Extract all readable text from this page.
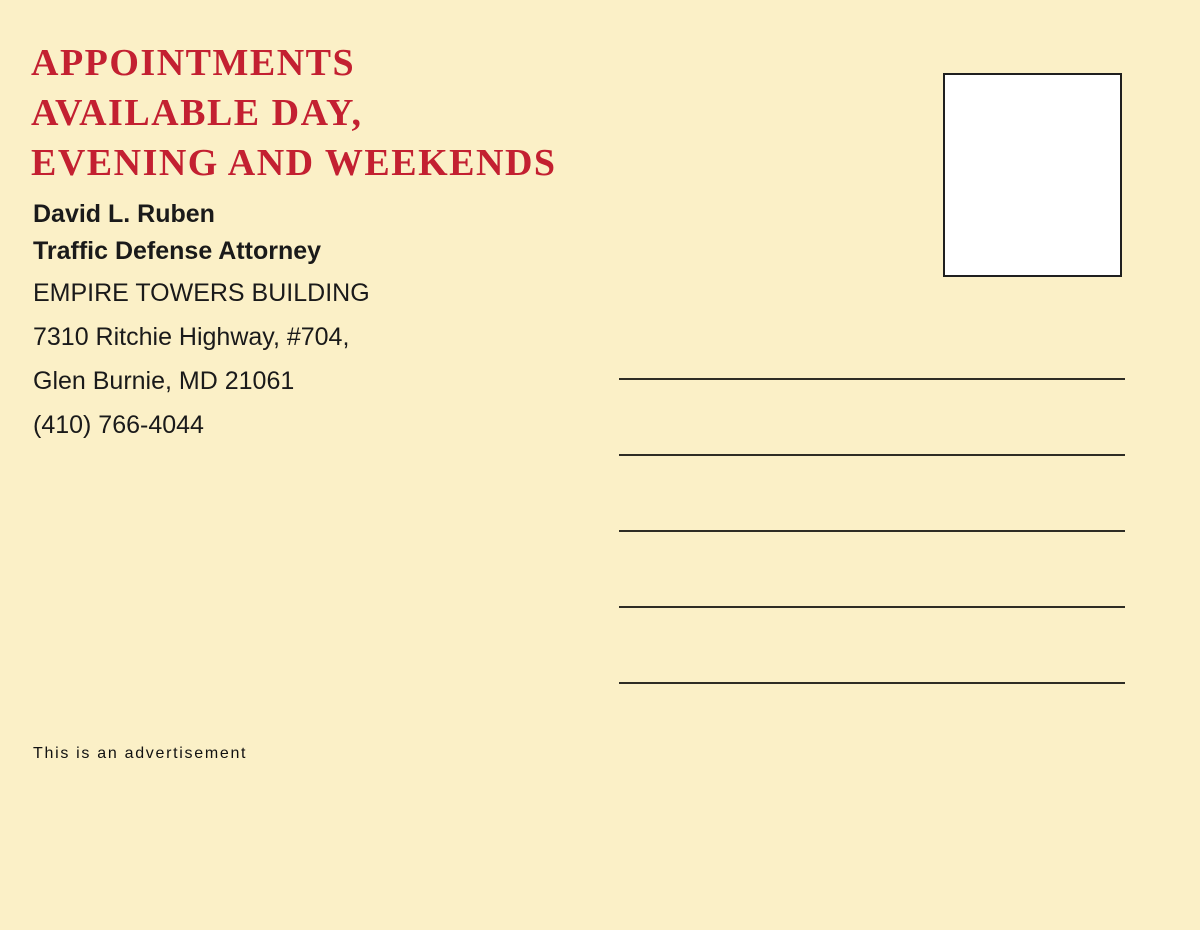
APPOINTMENTS
AVAILABLE DAY,
EVENING AND WEEKENDS
David L. Ruben
Traffic Defense Attorney
EMPIRE TOWERS BUILDING
7310 Ritchie Highway, #704,
Glen Burnie, MD 21061
(410) 766-4044
This is an advertisement
